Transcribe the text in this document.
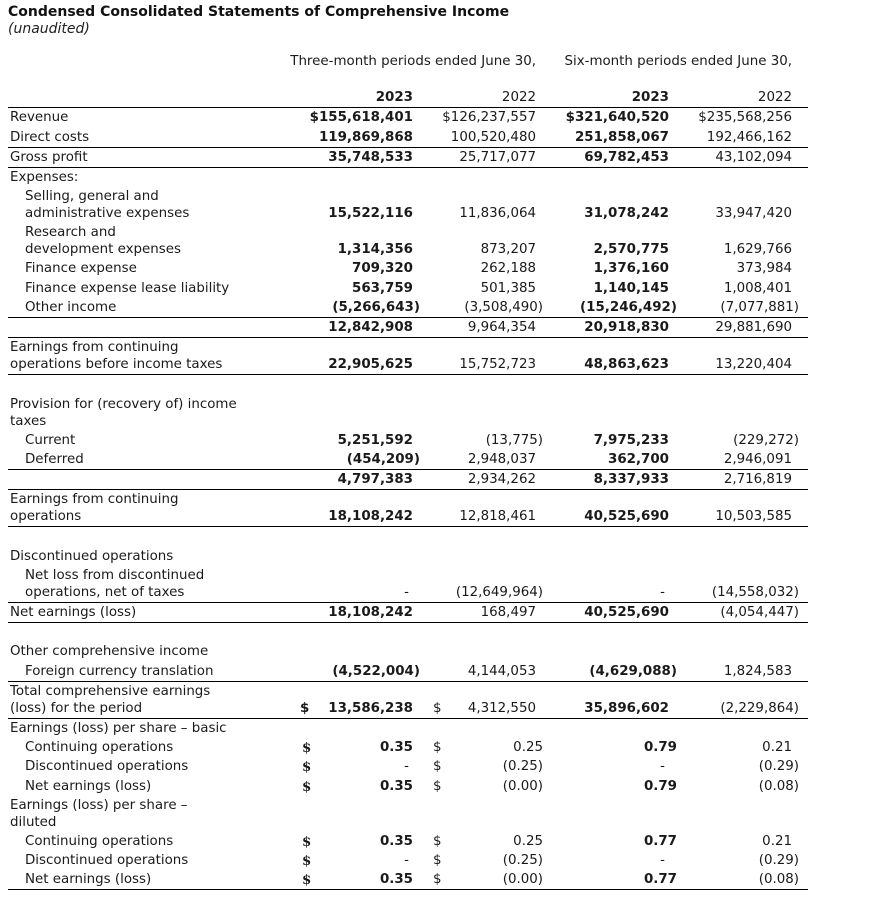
Condensed Consolidated Statements of Comprehensive Income
(unaudited)
Three-month periods ended June 30,	Six-month periods ended June 30,
2023	2022	2023	2022
Revenue	$155,618,401 $126,237,557 $321,640,520 $235,568,256
Direct costs	119,869,868	100,520,480	251,858,067	192,466,162
Gross profit	35,748,533	25,717,077	69,782,453	43,102,094
Expenses:
Selling, general and
administrative expenses	15,522,116	11,836,064	31,078,242	33,947,420
Research and
development expenses	1,314,356	873,207	2,570,775	1,629,766
Finance expense	709,320	262,188	1,376,160	373,984
Finance expense lease liability	563,759	501,385	1,140,145	1,008,401
Other income	(5,266,643)	(3,508,490)	(15,246,492)	(7,077,881)
12,842,908	9,964,354	20,918,830	29,881,690
Earnings from continuing
operations before income taxes	22,905,625	15,752,723	48,863,623	13,220,404
Provision for (recovery of) income
taxes
Current	5,251,592	(13,775)	7,975,233	(229,272)
Deferred	(454,209)	2,948,037	362,700	2,946,091
4,797,383	2,934,262	8,337,933	2,716,819
Earnings from continuing
operations	18,108,242	12,818,461	40,525,690	10,503,585
Discontinued operations
Net loss from discontinued
operations, net of taxes	-	(12,649,964)	-	(14,558,032)
Net earnings (loss)	18,108,242	168,497	40,525,690	(4,054,447)
Other comprehensive income
Foreign currency translation	(4,522,004)	4,144,053	(4,629,088)	1,824,583
Total comprehensive earnings
(loss) for the period	$ 13,586,238 $ 4,312,550	35,896,602	(2,229,864)
Earnings (loss) per share – basic
Continuing operations	$	0.35 $	0.25	0.79	0.21
Discontinued operations	$	- $	(0.25)	-	(0.29)
Net earnings (loss)	$	0.35 $	(0.00)	0.79	(0.08)
Earnings (loss) per share –
diluted
Continuing operations	$	0.35 $	0.25	0.77	0.21
Discontinued operations	$	- $	(0.25)	-	(0.29)
Net earnings (loss)	$	0.35 $	(0.00)	0.77	(0.08)
